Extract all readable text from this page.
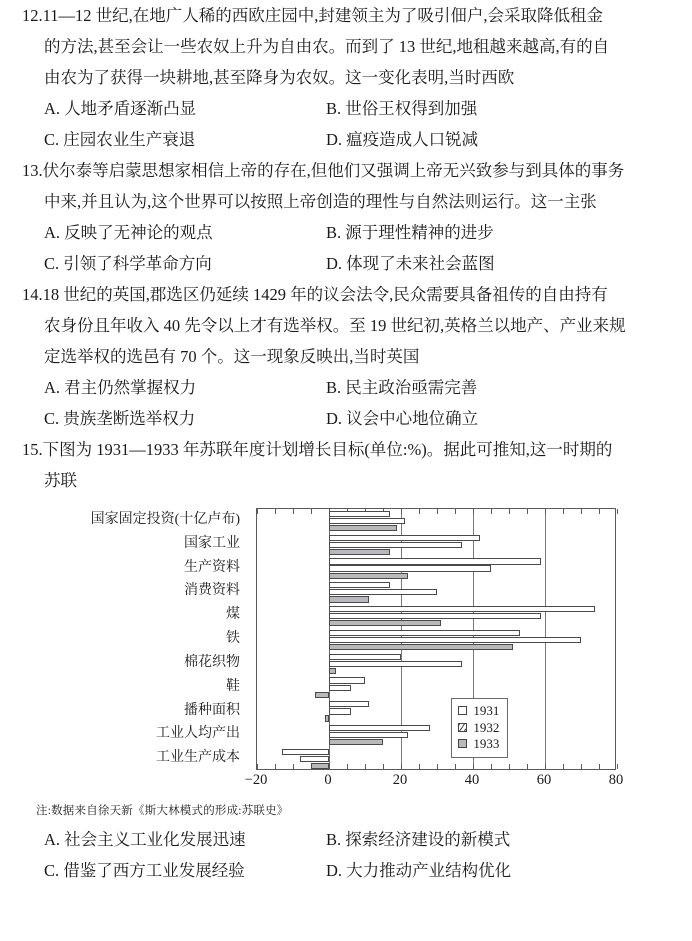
12.11—12 世纪,在地广人稀的西欧庄园中,封建领主为了吸引佃户,会采取降低租金
的方法,甚至会让一些农奴上升为自由农。而到了 13 世纪,地租越来越高,有的自
由农为了获得一块耕地,甚至降身为农奴。这一变化表明,当时西欧
A. 人地矛盾逐渐凸显	B. 世俗王权得到加强
C. 庄园农业生产衰退	D. 瘟疫造成人口锐减
13.伏尔泰等启蒙思想家相信上帝的存在,但他们又强调上帝无兴致参与到具体的事务
中来,并且认为,这个世界可以按照上帝创造的理性与自然法则运行。这一主张
A. 反映了无神论的观点	B. 源于理性精神的进步
C. 引领了科学革命方向	D. 体现了未来社会蓝图
14.18 世纪的英国,郡选区仍延续 1429 年的议会法令,民众需要具备祖传的自由持有
农身份且年收入 40 先令以上才有选举权。至 19 世纪初,英格兰以地产、产业来规
定选举权的选邑有 70 个。这一现象反映出,当时英国
A. 君主仍然掌握权力	B. 民主政治亟需完善
C. 贵族垄断选举权力	D. 议会中心地位确立
15.下图为 1931—1933 年苏联年度计划增长目标(单位:%)。据此可推知,这一时期的
苏联
国家固定投资(十亿卢布)
国家工业
生产资料
消费资料
煤
铁
棉花织物
鞋
播种面积
工业人均产出
工业生产成本
1931
1932
1933
−20	0	20	40	60	80
注:数据来自徐天新《斯大林模式的形成:苏联史》
A. 社会主义工业化发展迅速	B. 探索经济建设的新模式
C. 借鉴了西方工业发展经验	D. 大力推动产业结构优化
